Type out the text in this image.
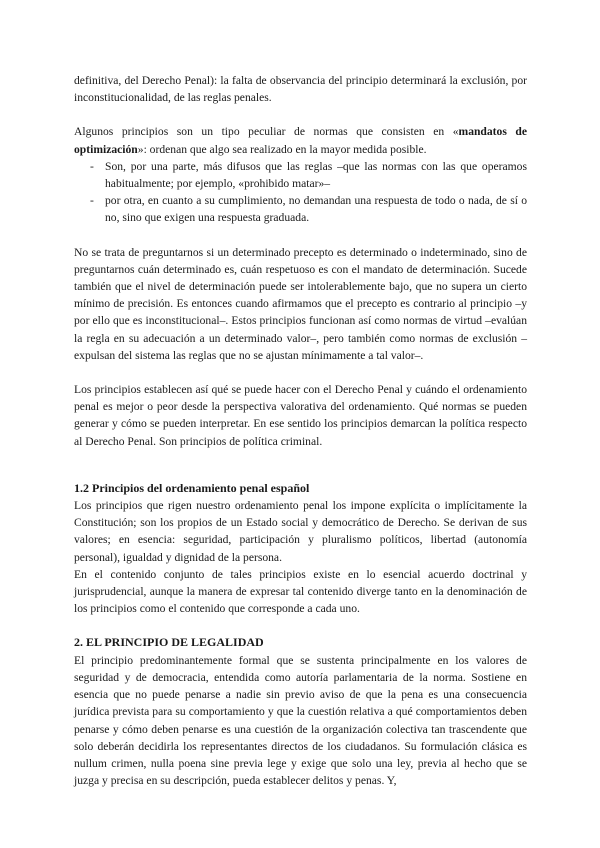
definitiva, del Derecho Penal): la falta de observancia del principio determinará la exclusión, por inconstitucionalidad, de las reglas penales.

Algunos principios son un tipo peculiar de normas que consisten en «mandatos de optimización»: ordenan que algo sea realizado en la mayor medida posible.

- Son, por una parte, más difusos que las reglas –que las normas con las que operamos habitualmente; por ejemplo, «prohibido matar»–
- por otra, en cuanto a su cumplimiento, no demandan una respuesta de todo o nada, de sí o no, sino que exigen una respuesta graduada.

No se trata de preguntarnos si un determinado precepto es determinado o indeterminado, sino de preguntarnos cuán determinado es, cuán respetuoso es con el mandato de determinación. Sucede también que el nivel de determinación puede ser intolerablemente bajo, que no supera un cierto mínimo de precisión. Es entonces cuando afirmamos que el precepto es contrario al principio –y por ello que es inconstitucional–. Estos principios funcionan así como normas de virtud –evalúan la regla en su adecuación a un determinado valor–, pero también como normas de exclusión –expulsan del sistema las reglas que no se ajustan mínimamente a tal valor–.

Los principios establecen así qué se puede hacer con el Derecho Penal y cuándo el ordenamiento penal es mejor o peor desde la perspectiva valorativa del ordenamiento. Qué normas se pueden generar y cómo se pueden interpretar. En ese sentido los principios demarcan la política respecto al Derecho Penal. Son principios de política criminal.

1.2 Principios del ordenamiento penal español

Los principios que rigen nuestro ordenamiento penal los impone explícita o implícitamente la Constitución; son los propios de un Estado social y democrático de Derecho. Se derivan de sus valores; en esencia: seguridad, participación y pluralismo políticos, libertad (autonomía personal), igualdad y dignidad de la persona.

En el contenido conjunto de tales principios existe en lo esencial acuerdo doctrinal y jurisprudencial, aunque la manera de expresar tal contenido diverge tanto en la denominación de los principios como el contenido que corresponde a cada uno.

2. EL PRINCIPIO DE LEGALIDAD

El principio predominantemente formal que se sustenta principalmente en los valores de seguridad y de democracia, entendida como autoría parlamentaria de la norma. Sostiene en esencia que no puede penarse a nadie sin previo aviso de que la pena es una consecuencia jurídica prevista para su comportamiento y que la cuestión relativa a qué comportamientos deben penarse y cómo deben penarse es una cuestión de la organización colectiva tan trascendente que solo deberán decidirla los representantes directos de los ciudadanos. Su formulación clásica es nullum crimen, nulla poena sine previa lege y exige que solo una ley, previa al hecho que se juzga y precisa en su descripción, pueda establecer delitos y penas. Y,
